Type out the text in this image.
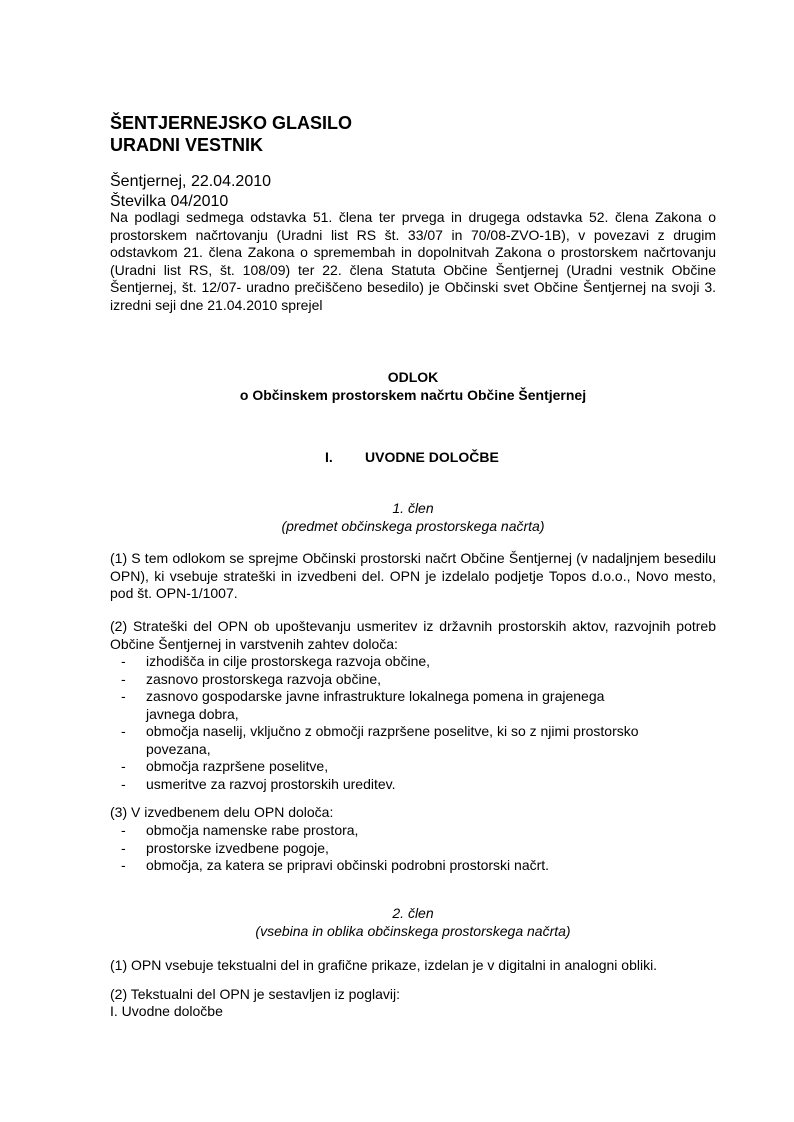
ŠENTJERNEJSKO GLASILO
URADNI VESTNIK
Šentjernej, 22.04.2010
Številka 04/2010
Na podlagi sedmega odstavka 51. člena ter prvega in drugega odstavka 52. člena Zakona o prostorskem načrtovanju (Uradni list RS št. 33/07 in 70/08-ZVO-1B), v povezavi z drugim odstavkom 21. člena Zakona o spremembah in dopolnitvah Zakona o prostorskem načrtovanju (Uradni list RS, št. 108/09) ter 22. člena Statuta Občine Šentjernej (Uradni vestnik Občine Šentjernej, št. 12/07- uradno prečiščeno besedilo) je Občinski svet Občine Šentjernej na svoji 3. izredni seji dne 21.04.2010 sprejel
ODLOK
o Občinskem prostorskem načrtu Občine Šentjernej
I. UVODNE DOLOČBE
1. člen
(predmet občinskega prostorskega načrta)
(1) S tem odlokom se sprejme Občinski prostorski načrt Občine Šentjernej (v nadaljnjem besedilu OPN), ki vsebuje strateški in izvedbeni del. OPN je izdelalo podjetje Topos d.o.o., Novo mesto, pod št. OPN-1/1007.
(2) Strateški del OPN ob upoštevanju usmeritev iz državnih prostorskih aktov, razvojnih potreb Občine Šentjernej in varstvenih zahtev določa:
- izhodišča in cilje prostorskega razvoja občine,
- zasnovo prostorskega razvoja občine,
- zasnovo gospodarske javne infrastrukture lokalnega pomena in grajenega javnega dobra,
- območja naselij, vključno z območji razpršene poselitve, ki so z njimi prostorsko povezana,
- območja razpršene poselitve,
- usmeritve za razvoj prostorskih ureditev.
(3) V izvedbenem delu OPN določa:
- območja namenske rabe prostora,
- prostorske izvedbene pogoje,
- območja, za katera se pripravi občinski podrobni prostorski načrt.
2. člen
(vsebina in oblika občinskega prostorskega načrta)
(1) OPN vsebuje tekstualni del in grafične prikaze, izdelan je v digitalni in analogni obliki.
(2) Tekstualni del OPN je sestavljen iz poglavij:
I. Uvodne določbe
